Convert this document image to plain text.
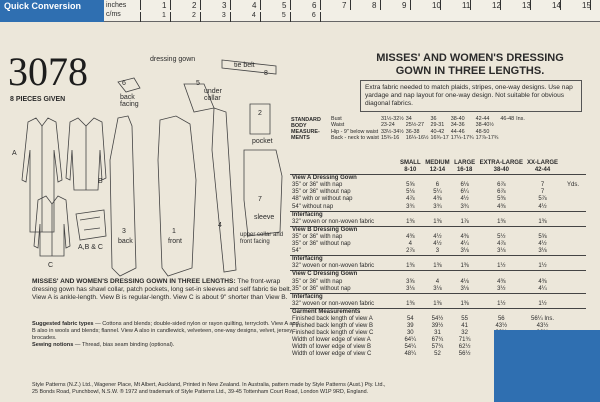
Quick Conversion	inches
c/ms
1	2	3	4	5	6	7	8	9	10	11	12	13	14	15
1	2	3	4	5	6
3078
8 PIECES GIVEN
dressing gown
tie belt
back facing
under collar
pocket
sleeve
back	front
upper collar and front facing
B
A
C
A,B & C
6	5
8
2
3	1
4
7
MISSES' AND WOMEN'S DRESSING GOWN IN THREE LENGTHS.
Extra fabric needed to match plaids, stripes, one-way designs. Use nap yardage and nap layout for one-way design. Not suitable for obvious diagonal fabrics.
STANDARD BODY MEASURE-MENTS	Bust	31½-32½	34	36	38-40	42-44	46-48	Ins.
	Waist	23-24	25½-27	29-31	34-36	38-40½		
	Hip - 9" below waist	33½-34½	36-38	40-42	44-46	48-50		
	Back - neck to waist	15¾-16	16¼-16½	16¾-17	17¼-17¾	17⅞-17¾		
	SMALL	MEDIUM	LARGE	EXTRA-LARGE	XX-LARGE	
	8-10	12-14	16-18	38-40	42-44	
View A Dressing Gown						
35" or 36" with nap	5⅝	6	6⅛	6⅞	7	Yds.
35" or 36" without nap	5⅛	5¼	6¼	6⅞	7	
48" with or without nap	4⅞	4⅜	4½	5⅜	5⅞	
54" without nap	3¾	3¾	3¾	4⅜	4½	
Interfacing						
32" woven or non-woven fabric	1⅜	1⅜	1⅞	1⅜	1⅜	
View B Dressing Gown						
35" or 36" with nap	4⅜	4½	4⅜	5½	5⅝	
35" or 36" without nap	4	4½	4¼	4⅞	4½	
54"	2⅞	3	3⅛	3⅛	3⅛	
Interfacing						
32" woven or non-woven fabric	1⅜	1⅜	1⅜	1½	1½	
View C Dressing Gown						
35" or 36" with nap	3⅝	4	4⅛	4⅜	4⅜	
35" or 36" without nap	3⅛	3⅛	3⅛	3½	4¼	
Interfacing						
32" woven or non-woven fabric	1⅜	1⅜	1⅜	1½	1½	
Garment Measurements						
Finished back length of view A	54	54½	55	56	56¼ Ins.	
Finished back length of view B	39	39½	41	43½	43½	
Finished back length of view C	30	31	32			
Width of lower edge of view A	64¼	67¾	71¾			
Width of lower edge of view B	54¼	57¾	62½			
Width of lower edge of view C	48¼	52	56½			
MISSES' AND WOMEN'S DRESSING GOWN IN THREE LENGTHS: The front-wrap dressing gown has shawl collar, patch pockets, long set-in sleeves and self fabric tie belt. View A is ankle-length. View B is regular-length. View C is about 9" shorter than View B.
Suggested fabric types — Cottons and blends; double-sided nylon or rayon quilting, terrycloth. View A and B also in wools and blends; flannel. View A also in candlewick, velveteen, one-way designs, velvet, jersey, brocades.
Sewing notions — Thread, bias seam binding (optional).
Style Patterns (N.Z.) Ltd., Wagener Place, Mt Albert, Auckland, Printed in New Zealand. In Australia, pattern made by Style Patterns (Aust.) Pty. Ltd.,
25 Bonds Road, Punchbowl, N.S.W. ® 1972 and trademark of Style Patterns Ltd., 39-45 Tottenham Court Road, London W1P 9RD, England.
